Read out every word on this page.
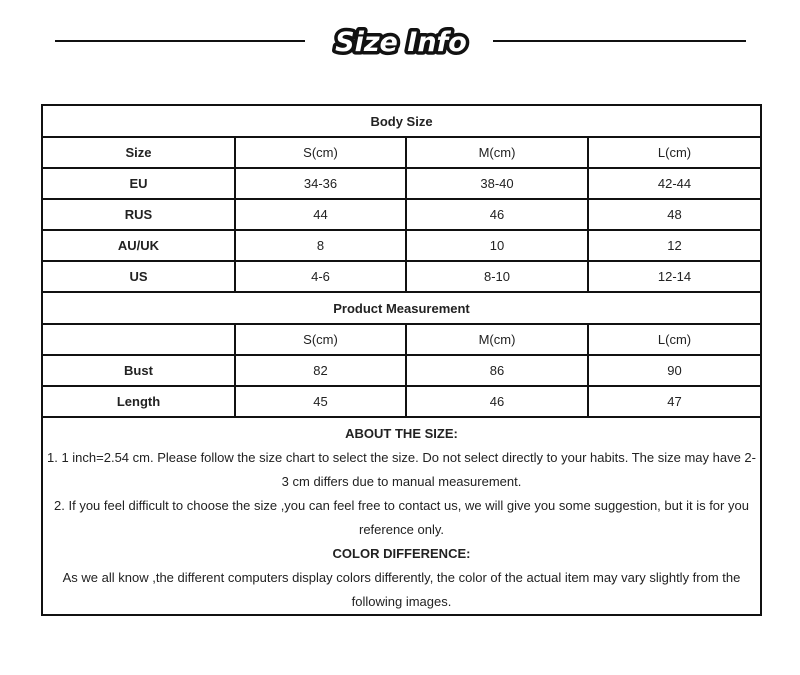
Size Info
Body Size			
Size	S(cm)	M(cm)	L(cm)
EU	34-36	38-40	42-44
RUS	44	46	48
AU/UK	8	10	12
US	4-6	8-10	12-14
Product Measurement			
	S(cm)	M(cm)	L(cm)
Bust	82	86	90
Length	45	46	47

ABOUT THE SIZE:

1. 1 inch=2.54 cm. Please follow the size chart to select the size. Do not select directly to your habits. The size may have 2-3 cm differs due to manual measurement.

2. If you feel difficult to choose the size ,you can feel free to contact us, we will give you some suggestion, but it is for you reference only.

COLOR DIFFERENCE:

As we all know ,the different computers display colors differently, the color of the actual item may vary slightly from the following images.			
